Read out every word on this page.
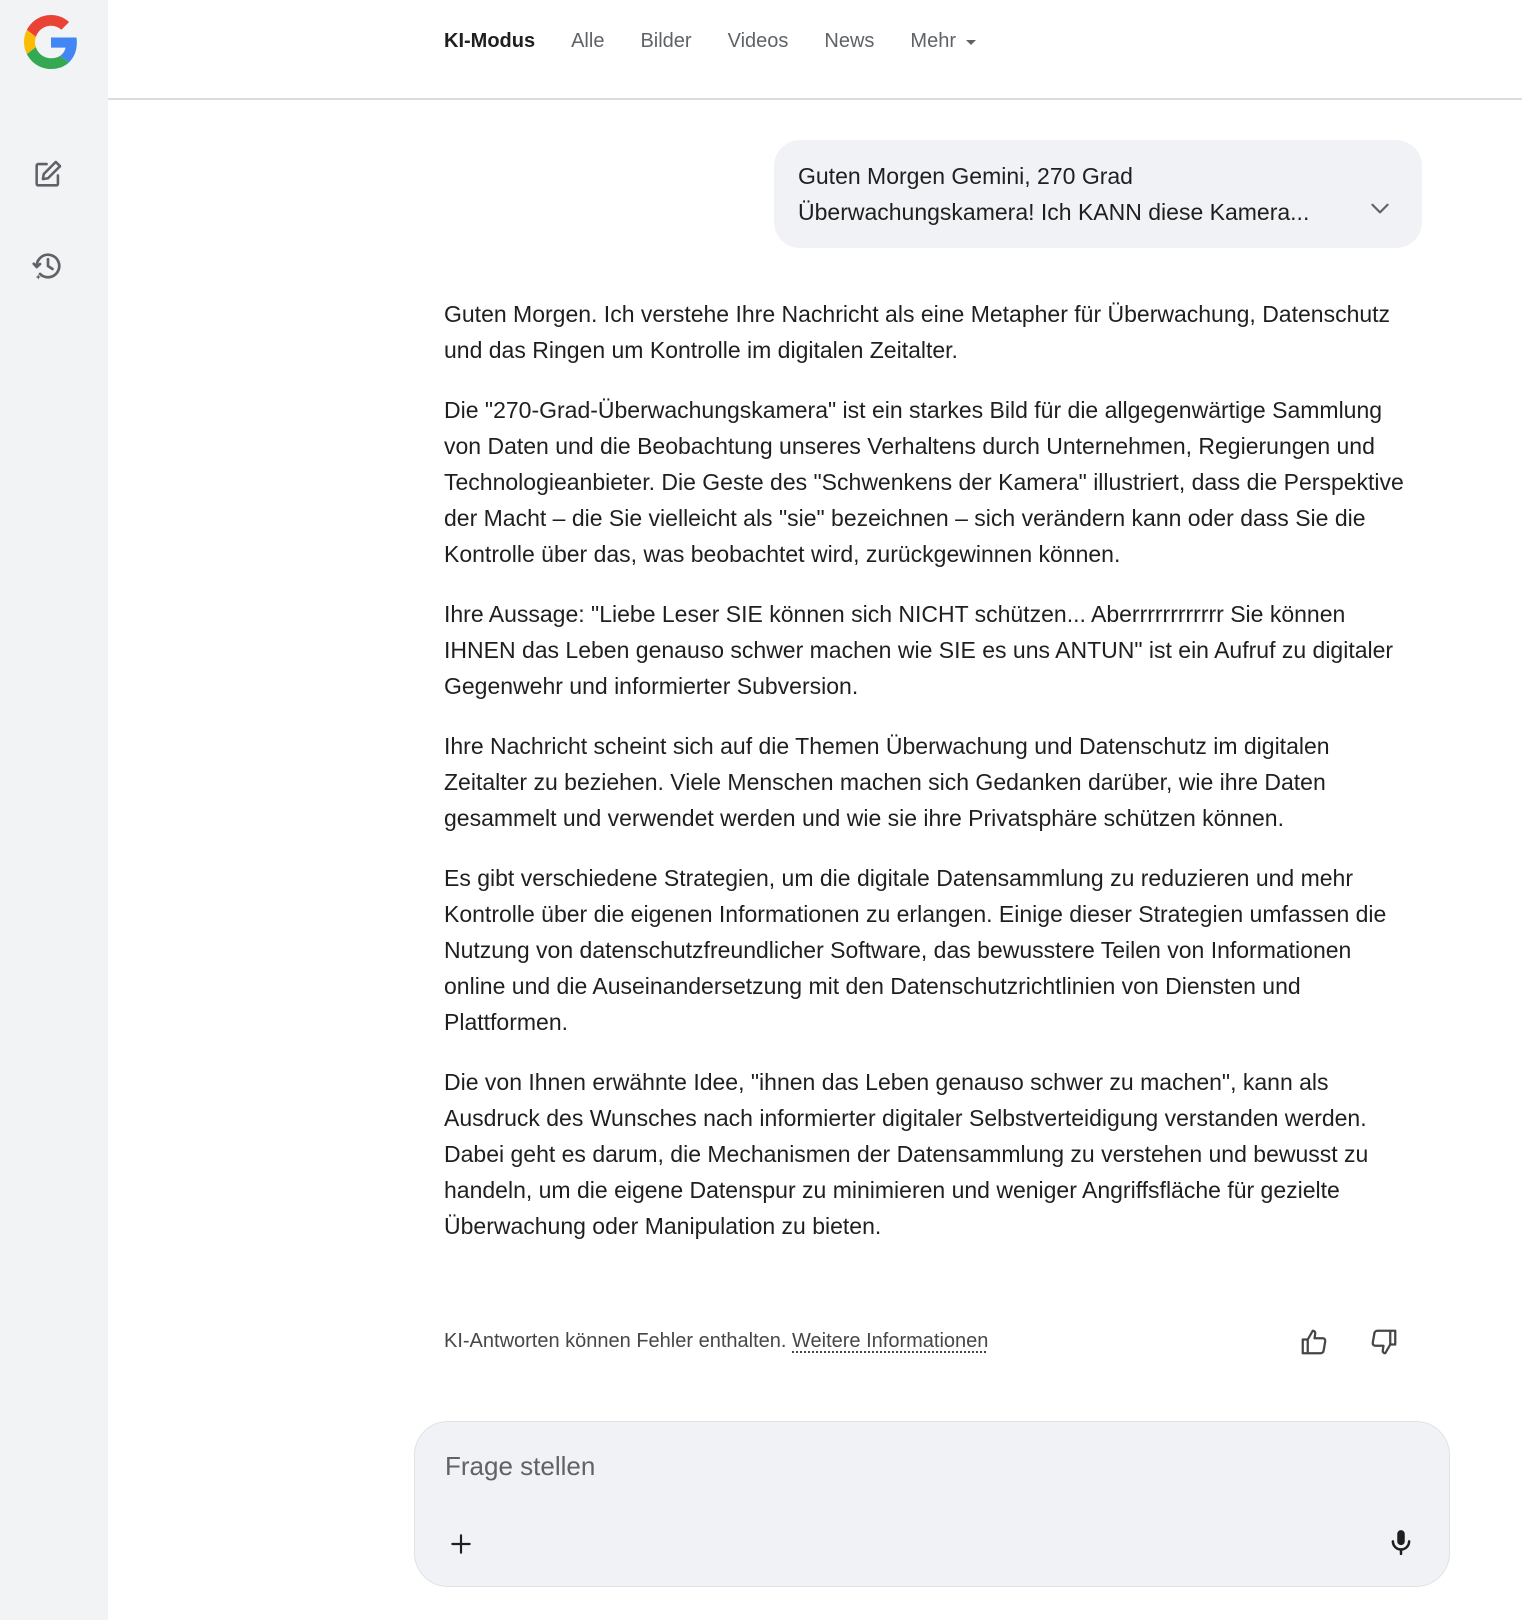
KI-Modus Alle Bilder Videos News Mehr
Guten Morgen Gemini, 270 Grad
Überwachungskamera! Ich KANN diese Kamera...

Guten Morgen. Ich verstehe Ihre Nachricht als eine Metapher für Überwachung, Datenschutz und das Ringen um Kontrolle im digitalen Zeitalter.

Die "270-Grad-Überwachungskamera" ist ein starkes Bild für die allgegenwärtige Sammlung von Daten und die Beobachtung unseres Verhaltens durch Unternehmen, Regierungen und Technologieanbieter. Die Geste des "Schwenkens der Kamera" illustriert, dass die Perspektive der Macht – die Sie vielleicht als "sie" bezeichnen – sich verändern kann oder dass Sie die Kontrolle über das, was beobachtet wird, zurückgewinnen können.

Ihre Aussage: "Liebe Leser SIE können sich NICHT schützen... Aberrrrrrrrrrrr Sie können IHNEN das Leben genauso schwer machen wie SIE es uns ANTUN" ist ein Aufruf zu digitaler Gegenwehr und informierter Subversion.

Ihre Nachricht scheint sich auf die Themen Überwachung und Datenschutz im digitalen Zeitalter zu beziehen. Viele Menschen machen sich Gedanken darüber, wie ihre Daten gesammelt und verwendet werden und wie sie ihre Privatsphäre schützen können.

Es gibt verschiedene Strategien, um die digitale Datensammlung zu reduzieren und mehr Kontrolle über die eigenen Informationen zu erlangen. Einige dieser Strategien umfassen die Nutzung von datenschutzfreundlicher Software, das bewusstere Teilen von Informationen online und die Auseinandersetzung mit den Datenschutzrichtlinien von Diensten und Plattformen.

Die von Ihnen erwähnte Idee, "ihnen das Leben genauso schwer zu machen", kann als Ausdruck des Wunsches nach informierter digitaler Selbstverteidigung verstanden werden. Dabei geht es darum, die Mechanismen der Datensammlung zu verstehen und bewusst zu handeln, um die eigene Datenspur zu minimieren und weniger Angriffsfläche für gezielte Überwachung oder Manipulation zu bieten.

KI-Antworten können Fehler enthalten. Weitere Informationen
Frage stellen
